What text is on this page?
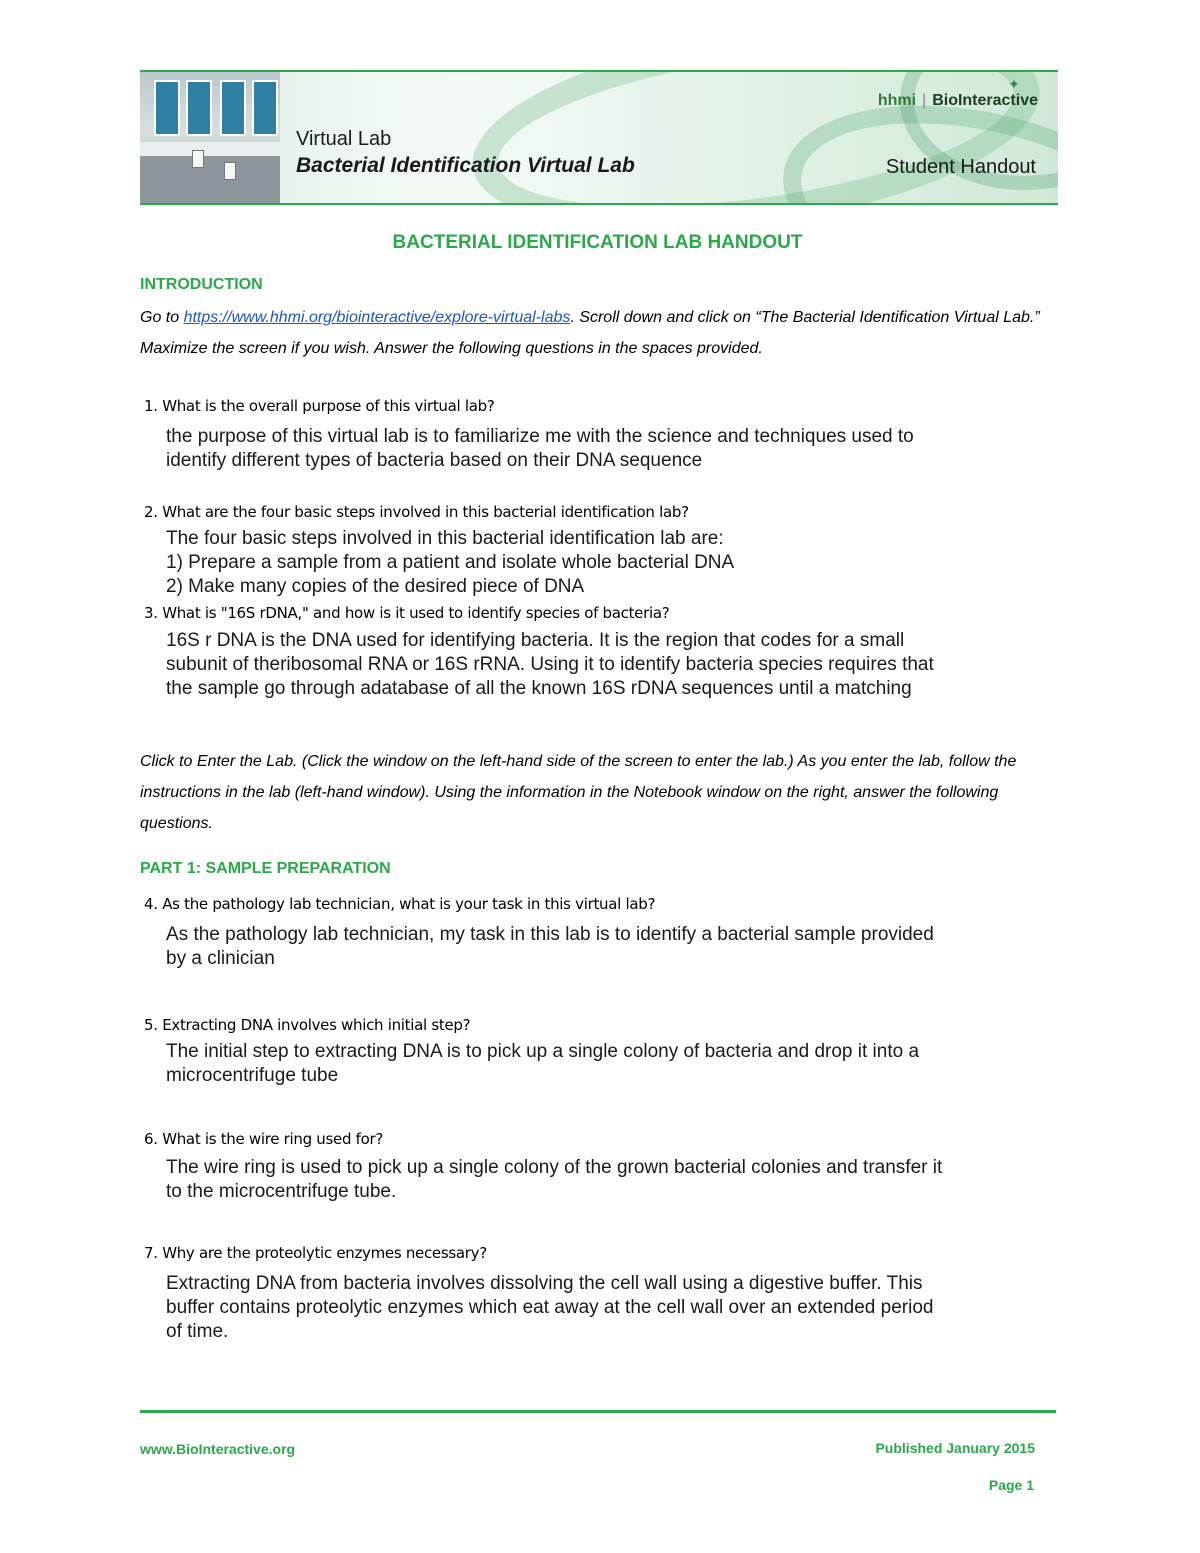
✦
hhmi | BioInteractive
Virtual Lab
Bacterial Identification Virtual Lab	Student Handout
BACTERIAL IDENTIFICATION LAB HANDOUT
INTRODUCTION

Go to https://www.hhmi.org/biointeractive/explore-virtual-labs. Scroll down and click on “The Bacterial Identification Virtual Lab.” Maximize the screen if you wish. Answer the following questions in the spaces provided.

1. What is the overall purpose of this virtual lab?
the purpose of this virtual lab is to familiarize me with the science and techniques used to
identify different types of bacteria based on their DNA sequence
2. What are the four basic steps involved in this bacterial identification lab?
The four basic steps involved in this bacterial identification lab are:
1) Prepare a sample from a patient and isolate whole bacterial DNA
2) Make many copies of the desired piece of DNA
3. What is "16S rDNA," and how is it used to identify species of bacteria?
16S r DNA is the DNA used for identifying bacteria. It is the region that codes for a small
subunit of theribosomal RNA or 16S rRNA. Using it to identify bacteria species requires that
the sample go through adatabase of all the known 16S rDNA sequences until a matching

Click to Enter the Lab. (Click the window on the left-hand side of the screen to enter the lab.) As you enter the lab, follow the instructions in the lab (left-hand window). Using the information in the Notebook window on the right, answer the following questions.

PART 1: SAMPLE PREPARATION
4. As the pathology lab technician, what is your task in this virtual lab?
As the pathology lab technician, my task in this lab is to identify a bacterial sample provided
by a clinician
5. Extracting DNA involves which initial step?
The initial step to extracting DNA is to pick up a single colony of bacteria and drop it into a
microcentrifuge tube
6. What is the wire ring used for?
The wire ring is used to pick up a single colony of the grown bacterial colonies and transfer it
to the microcentrifuge tube.
7. Why are the proteolytic enzymes necessary?
Extracting DNA from bacteria involves dissolving the cell wall using a digestive buffer. This
buffer contains proteolytic enzymes which eat away at the cell wall over an extended period
of time.
www.BioInteractive.org	Published January 2015
Page 1
